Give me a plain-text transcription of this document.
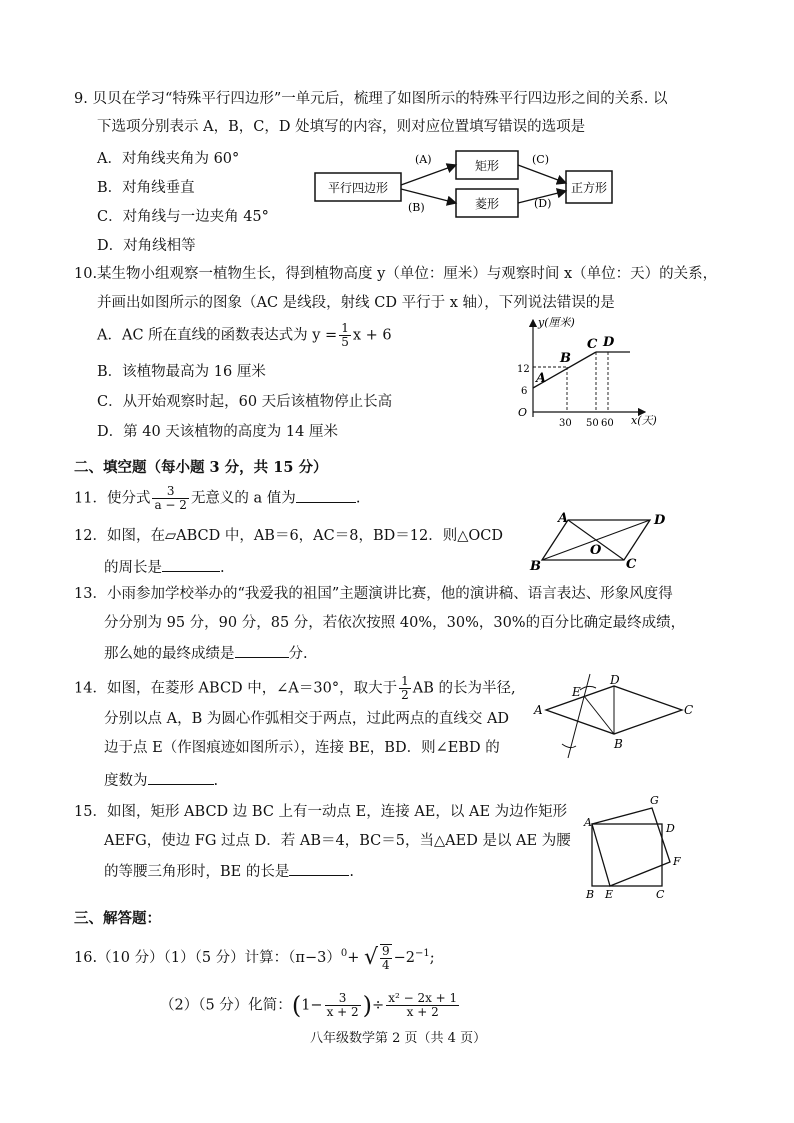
9. 贝贝在学习“特殊平行四边形”一单元后，梳理了如图所示的特殊平行四边形之间的关系. 以
下选项分别表示 A，B，C，D 处填写的内容，则对应位置填写错误的选项是
A．对角线夹角为 60°
B．对角线垂直
C．对角线与一边夹角 45°
D．对角线相等
平行四边形
矩形
菱形
正方形
(A)
(B)
(C)
(D)
10.某生物小组观察一植物生长，得到植物高度 y（单位：厘米）与观察时间 x（单位：天）的关系，
并画出如图所示的图象（AC 是线段，射线 CD 平行于 x 轴），下列说法错误的是
A．AC 所在直线的函数表达式为 $y = \frac{1}{5}$ x + 6
B．该植物最高为 16 厘米
C．从开始观察时起，60 天后该植物停止长高
D．第 40 天该植物的高度为 14 厘米
y(厘米)
x(天)
O
12
6
30 50 60
A
B
C D
二、填空题（每小题 3 分，共 15 分）
11．使分式 $\frac{3}{a - 2}$ 无意义的 a 值为	.
12．如图，在▱ABCD 中，AB＝6，AC＝8，BD＝12．则△OCD
的周长是	.
A	D
B	C
O
13．小雨参加学校举办的“我爱我的祖国”主题演讲比赛，他的演讲稿、语言表达、形象风度得
分分别为 95 分，90 分，85 分，若依次按照 40%，30%，30%的百分比确定最终成绩，
那么她的最终成绩是	分.
14．如图，在菱形 ABCD 中，∠A＝30°，取大于 $\frac{1}{2}$ AB 的长为半径,
分别以点 A，B 为圆心作弧相交于两点，过此两点的直线交 AD
边于点 E（作图痕迹如图所示），连接 BE，BD．则∠EBD 的
度数为	.
A
E
D
C
B
15．如图，矩形 ABCD 边 BC 上有一动点 E，连接 AE，以 AE 为边作矩形
AEFG，使边 FG 过点 D．若 AB＝4，BC＝5，当△AED 是以 AE 为腰
的等腰三角形时，BE 的长是	.
A
G
D
F
B E	C
三、解答题：
16.（10 分）（1）（5 分）计算：$(\pi-3)^0+$ √ $\frac{9}{4} -2^{-1}$;
（2）（5 分）化简：($1- \frac{3}{x + 2}$ )÷ $\frac{\text{x² − 2x + 1}}{x + 2}$
八年级数学第 2 页（共 4 页）
